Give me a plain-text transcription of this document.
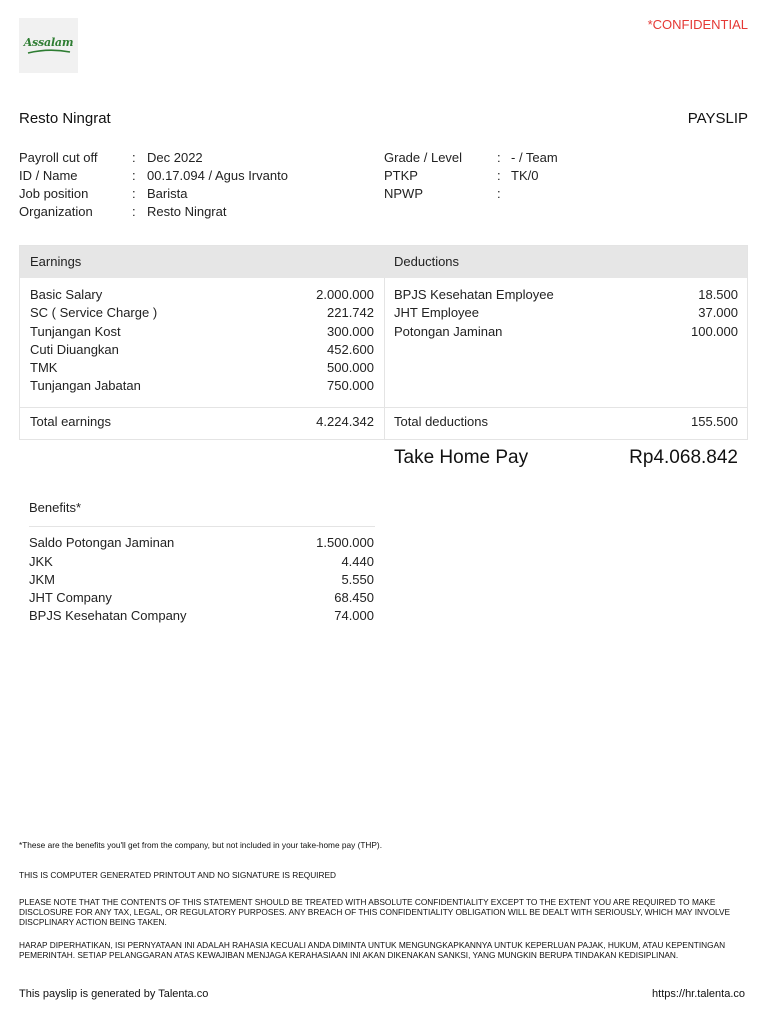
Assalam
*CONFIDENTIAL
Resto Ningrat	PAYSLIP
Payroll cut off	: Dec 2022
ID / Name	: 00.17.094 / Agus Irvanto
Job position	: Barista
Organization	: Resto Ningrat
Grade / Level	: - / Team
PTKP	: TK/0
NPWP	:
Earnings	Deductions
Basic Salary	2.000.000
SC ( Service Charge )	221.742
Tunjangan Kost	300.000
Cuti Diuangkan	452.600
TMK	500.000
Tunjangan Jabatan	750.000
BPJS Kesehatan Employee	18.500
JHT Employee	37.000
Potongan Jaminan	100.000
Total earnings	4.224.342 Total deductions	155.500
Take Home Pay	Rp4.068.842
Benefits*
Saldo Potongan Jaminan	1.500.000
JKK	4.440
JKM	5.550
JHT Company	68.450
BPJS Kesehatan Company	74.000
*These are the benefits you'll get from the company, but not included in your take-home pay (THP).
THIS IS COMPUTER GENERATED PRINTOUT AND NO SIGNATURE IS REQUIRED
PLEASE NOTE THAT THE CONTENTS OF THIS STATEMENT SHOULD BE TREATED WITH ABSOLUTE CONFIDENTIALITY EXCEPT TO THE EXTENT YOU ARE REQUIRED TO MAKE DISCLOSURE FOR ANY TAX, LEGAL, OR REGULATORY PURPOSES. ANY BREACH OF THIS CONFIDENTIALITY OBLIGATION WILL BE DEALT WITH SERIOUSLY, WHICH MAY INVOLVE DISCPLINARY ACTION BEING TAKEN.
HARAP DIPERHATIKAN, ISI PERNYATAAN INI ADALAH RAHASIA KECUALI ANDA DIMINTA UNTUK MENGUNGKAPKANNYA UNTUK KEPERLUAN PAJAK, HUKUM, ATAU KEPENTINGAN PEMERINTAH. SETIAP PELANGGARAN ATAS KEWAJIBAN MENJAGA KERAHASIAAN INI AKAN DIKENAKAN SANKSI, YANG MUNGKIN BERUPA TINDAKAN KEDISIPLINAN.
This payslip is generated by Talenta.co	https://hr.talenta.co
